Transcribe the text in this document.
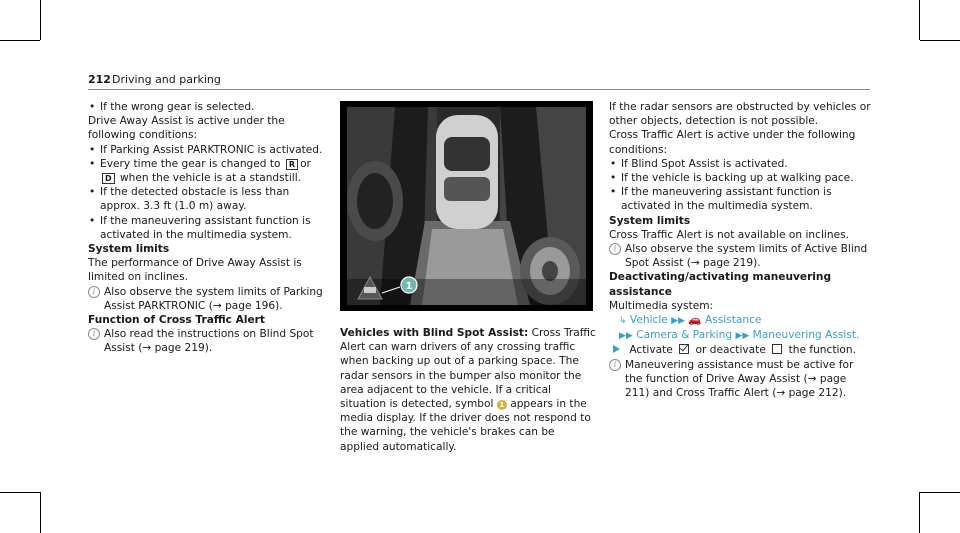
212 Driving and parking

• If the wrong gear is selected.

Drive Away Assist is active under the following conditions:

• If Parking Assist PARKTRONIC is activated.

• Every time the gear is changed to R orD when the vehicle is at a standstill.

• If the detected obstacle is less than approx. 3.3 ft (1.0 m) away.

• If the maneuvering assistant function is activated in the multimedia system.

System limits

The performance of Drive Away Assist is limited on inclines.

i Also observe the system limits of Parking Assist PARKTRONIC (→ page 196).

Function of Cross Traffic Alert

i Also read the instructions on Blind Spot Assist (→ page 219).

1

Vehicles with Blind Spot Assist: Cross Traffic Alert can warn drivers of any crossing traffic when backing up out of a parking space. The radar sensors in the bumper also monitor the area adjacent to the vehicle. If a critical situation is detected, symbol 1 appears in the media display. If the driver does not respond to the warning, the vehicle's brakes can be applied automatically.

If the radar sensors are obstructed by vehicles or other objects, detection is not possible.

Cross Traffic Alert is active under the following conditions:

• If Blind Spot Assist is activated.

• If the vehicle is backing up at walking pace.

• If the maneuvering assistant function is activated in the multimedia system.

System limits

Cross Traffic Alert is not available on inclines.

i Also observe the system limits of Active Blind Spot Assist (→ page 219).

Deactivating/activating maneuvering assistance

Multimedia system:

↳ Vehicle ▶▶ 🚗 Assistance

▶▶ Camera & Parking ▶▶ Maneuvering Assist.

Activate or deactivate the function.

i Maneuvering assistance must be active for the function of Drive Away Assist (→ page 211) and Cross Traffic Alert (→ page 212).
